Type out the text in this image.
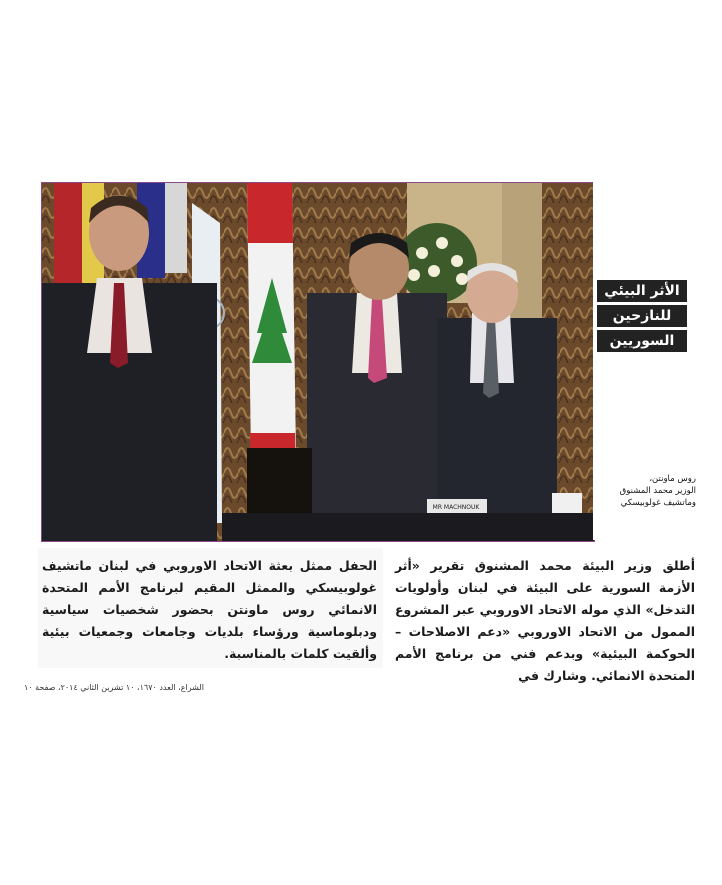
MR MACHNOUK
الأثر البيئي
للنازحين
السوريين
روس ماونتن،
الوزير محمد المشنوق
وماتشيف غولوبيسكي
أطلق وزير البيئة محمد المشنوق تقرير «أثر الأزمة السورية على البيئة في لبنان وأولويات التدخل» الذي موله الاتحاد الاوروبي عبر المشروع الممول من الاتحاد الاوروبي «دعم الاصلاحات – الحوكمة البيئية» وبدعم فني من برنامج الأمم المتحدة الانمائي. وشارك في
الحفل ممثل بعثة الاتحاد الاوروبي في لبنان ماتشيف غولوبيسكي والممثل المقيم لبرنامج الأمم المتحدة الانمائي روس ماونتن بحضور شخصيات سياسية ودبلوماسية ورؤساء بلديات وجامعات وجمعيات بيئية وألقيت كلمات بالمناسبة.
الشراع، العدد ١٦٧٠، ١٠ تشرين الثاني ٢٠١٤، صفحة ١٠
